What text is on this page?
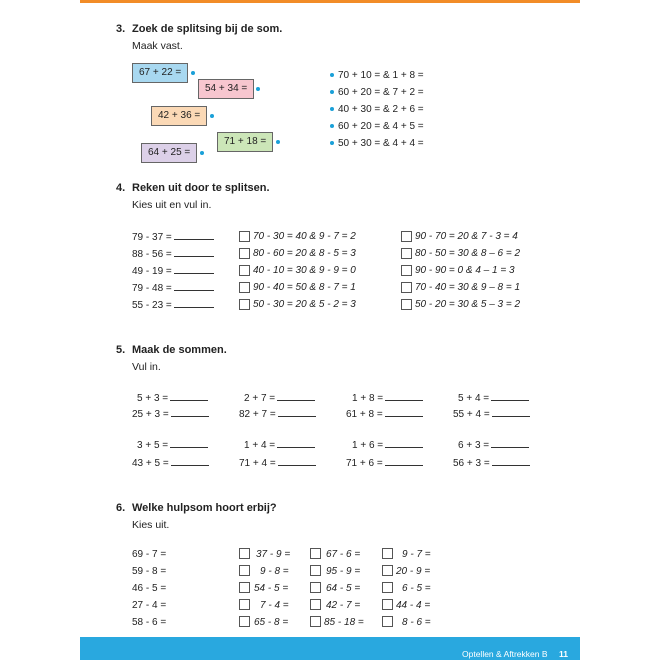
3. Zoek de splitsing bij de som.
Maak vast.
67 + 22 =
54 + 34 =
42 + 36 =
71 + 18 =
64 + 25 =
70 + 10 = & 1 + 8 =
60 + 20 = & 7 + 2 =
40 + 30 = & 2 + 6 =
60 + 20 = & 4 + 5 =
50 + 30 = & 4 + 4 =
4. Reken uit door te splitsen.
Kies uit en vul in.
79 - 37 =	70 - 30 = 40 & 9 - 7 = 2	90 - 70 = 20 & 7 - 3 = 4
88 - 56 =	80 - 60 = 20 & 8 - 5 = 3	80 - 50 = 30 & 8 – 6 = 2
49 - 19 =	40 - 10 = 30 & 9 - 9 = 0	90 - 90 = 0 & 4 – 1 = 3
79 - 48 =	90 - 40 = 50 & 8 - 7 = 1	70 - 40 = 30 & 9 – 8 = 1
55 - 23 =	50 - 30 = 20 & 5 - 2 = 3	50 - 20 = 30 & 5 – 3 = 2
5. Maak de sommen.
Vul in.
5 + 3 =	2 + 7 =	1 + 8 =	5 + 4 =
25 + 3 =	82 + 7 =	61 + 8 =	55 + 4 =
3 + 5 =	1 + 4 =	1 + 6 =	6 + 3 =
43 + 5 =	71 + 4 =	71 + 6 =	56 + 3 =
6. Welke hulpsom hoort erbij?
Kies uit.
69 - 7 =	37 - 9 =	67 - 6 =	9 - 7 =
59 - 8 =	9 - 8 =	95 - 9 =	20 - 9 =
46 - 5 =	54 - 5 =	64 - 5 =	6 - 5 =
27 - 4 =	7 - 4 =	42 - 7 =	44 - 4 =
58 - 6 =	65 - 8 =	85 - 18 =	8 - 6 =
Optellen & Aftrekken B 11
